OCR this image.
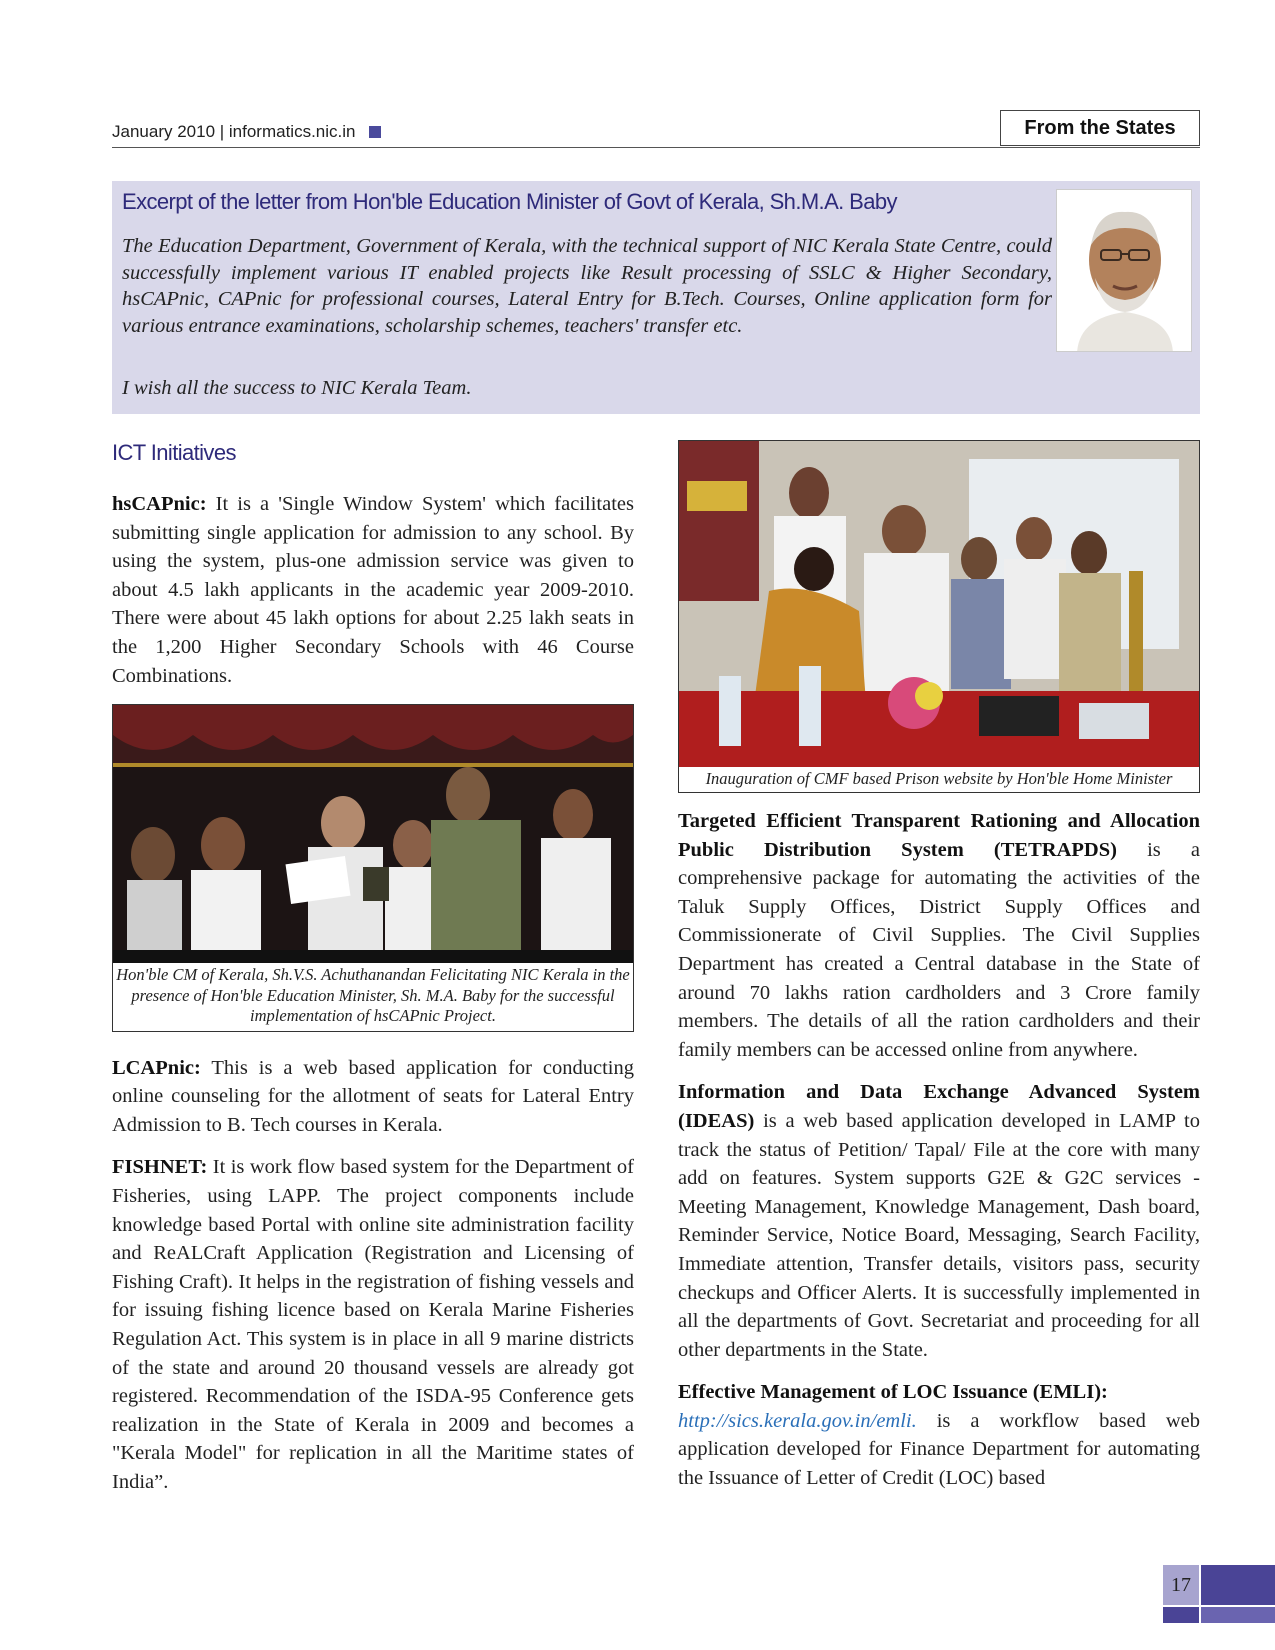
January 2010 | informatics.nic.in	From the States
Excerpt of the letter from Hon'ble Education Minister of Govt of Kerala, Sh.M.A. Baby
The Education Department, Government of Kerala, with the technical support of NIC Kerala State Centre, could successfully implement various IT enabled projects like Result processing of SSLC & Higher Secondary, hsCAPnic, CAPnic for professional courses, Lateral Entry for B.Tech. Courses, Online application form for various entrance examinations, scholarship schemes, teachers' transfer etc.
I wish all the success to NIC Kerala Team.
ICT Initiatives

hsCAPnic: It is a 'Single Window System' which facilitates submitting single application for admission to any school. By using the system, plus-one admission service was given to about 4.5 lakh applicants in the academic year 2009-2010. There were about 45 lakh options for about 2.25 lakh seats in the 1,200 Higher Secondary Schools with 46 Course Combinations.

Hon'ble CM of Kerala, Sh.V.S. Achuthanandan Felicitating NIC Kerala in the presence of Hon'ble Education Minister, Sh. M.A. Baby for the successful implementation of hsCAPnic Project.

LCAPnic: This is a web based application for conducting online counseling for the allotment of seats for Lateral Entry Admission to B. Tech courses in Kerala.

FISHNET: It is work flow based system for the Department of Fisheries, using LAPP. The project components include knowledge based Portal with online site administration facility and ReALCraft Application (Registration and Licensing of Fishing Craft). It helps in the registration of fishing vessels and for issuing fishing licence based on Kerala Marine Fisheries Regulation Act. This system is in place in all 9 marine districts of the state and around 20 thousand vessels are already got registered. Recommendation of the ISDA-95 Conference gets realization in the State of Kerala in 2009 and becomes a "Kerala Model" for replication in all the Maritime states of India”.

Inauguration of CMF based Prison website by Hon'ble Home Minister

Targeted Efficient Transparent Rationing and Allocation Public Distribution System (TETRAPDS) is a comprehensive package for automating the activities of the Taluk Supply Offices, District Supply Offices and Commissionerate of Civil Supplies. The Civil Supplies Department has created a Central database in the State of around 70 lakhs ration cardholders and 3 Crore family members. The details of all the ration cardholders and their family members can be accessed online from anywhere.

Information and Data Exchange Advanced System (IDEAS) is a web based application developed in LAMP to track the status of Petition/ Tapal/ File at the core with many add on features. System supports G2E & G2C services - Meeting Management, Knowledge Management, Dash board, Reminder Service, Notice Board, Messaging, Search Facility, Immediate attention, Transfer details, visitors pass, security checkups and Officer Alerts. It is successfully implemented in all the departments of Govt. Secretariat and proceeding for all other departments in the State.

Effective Management of LOC Issuance (EMLI):
http://sics.kerala.gov.in/emli. is a workflow based web application developed for Finance Department for automating the Issuance of Letter of Credit (LOC) based

17
